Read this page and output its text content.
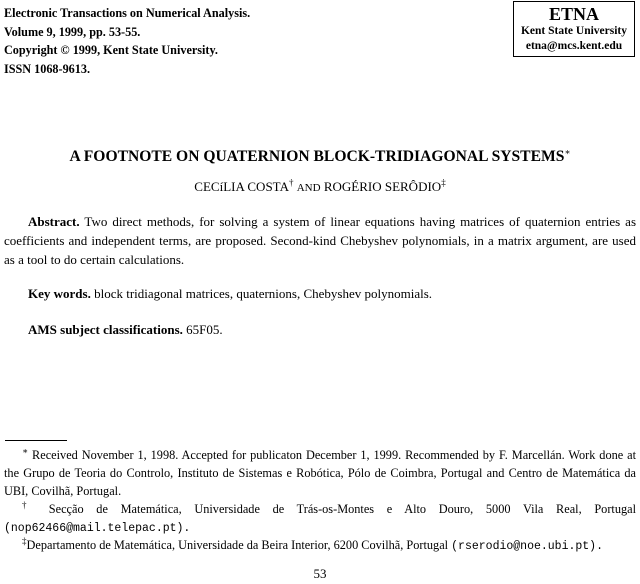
Electronic Transactions on Numerical Analysis.
Volume 9, 1999, pp. 53-55.
Copyright © 1999, Kent State University.
ISSN 1068-9613.
ETNA
Kent State University
etna@mcs.kent.edu
A FOOTNOTE ON QUATERNION BLOCK-TRIDIAGONAL SYSTEMS∗
CECíLIA COSTA† AND ROGÉRIO SERÔDIO‡
Abstract. Two direct methods, for solving a system of linear equations having matrices of quaternion entries as coefficients and independent terms, are proposed. Second-kind Chebyshev polynomials, in a matrix argument, are used as a tool to do certain calculations.
Key words. block tridiagonal matrices, quaternions, Chebyshev polynomials.
AMS subject classifications. 65F05.
∗ Received November 1, 1998. Accepted for publicaton December 1, 1999. Recommended by F. Marcellán. Work done at the Grupo de Teoria do Controlo, Instituto de Sistemas e Robótica, Pólo de Coimbra, Portugal and Centro de Matemática da UBI, Covilhã, Portugal.
† Secção de Matemática, Universidade de Trás-os-Montes e Alto Douro, 5000 Vila Real, Portugal (nop62466@mail.telepac.pt).
‡Departamento de Matemática, Universidade da Beira Interior, 6200 Covilhã, Portugal (rserodio@noe.ubi.pt).
53
